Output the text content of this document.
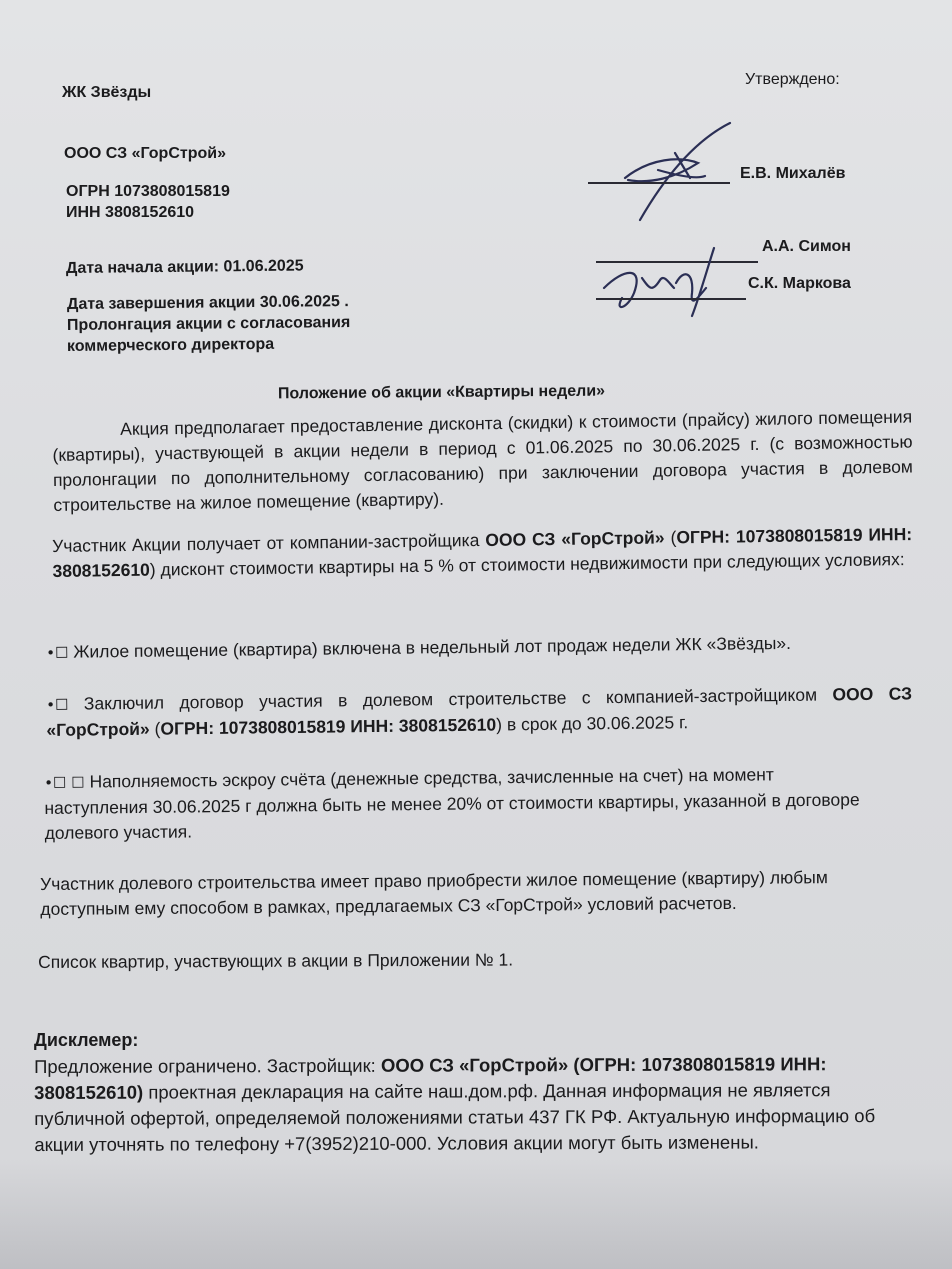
ЖК Звёзды

ООО СЗ «ГорСтрой»

ОГРН 1073808015819

ИНН 3808152610

Дата начала акции: 01.06.2025

Дата завершения акции 30.06.2025 .

Пролонгация акции с согласования

коммерческого директора

Утверждено:

Е.В. Михалёв

А.А. Симон

С.К. Маркова

Положение об акции «Квартиры недели»

Акция предполагает предоставление дисконта (скидки) к стоимости (прайсу) жилого помещения (квартиры), участвующей в акции недели в период с 01.06.2025 по 30.06.2025 г. (с возможностью пролонгации по дополнительному согласованию) при заключении договора участия в долевом строительстве на жилое помещение (квартиру).

Участник Акции получает от компании-застройщика ООО СЗ «ГорСтрой» (ОГРН: 1073808015819 ИНН: 3808152610) дисконт стоимости квартиры на 5 % от стоимости недвижимости при следующих условиях:

•☐ Жилое помещение (квартира) включена в недельный лот продаж недели ЖК «Звёзды».

•☐ Заключил договор участия в долевом строительстве с компанией-застройщиком ООО СЗ «ГорСтрой» (ОГРН: 1073808015819 ИНН: 3808152610) в срок до 30.06.2025 г.

•☐ ☐ Наполняемость эскроу счёта (денежные средства, зачисленные на счет) на момент наступления 30.06.2025 г должна быть не менее 20% от стоимости квартиры, указанной в договоре долевого участия.

Участник долевого строительства имеет право приобрести жилое помещение (квартиру) любым доступным ему способом в рамках, предлагаемых СЗ «ГорСтрой» условий расчетов.

Список квартир, участвующих в акции в Приложении № 1.

Дисклемер:

Предложение ограничено. Застройщик: ООО СЗ «ГорСтрой» (ОГРН: 1073808015819 ИНН: 3808152610) проектная декларация на сайте наш.дом.рф. Данная информация не является публичной офертой, определяемой положениями статьи 437 ГК РФ. Актуальную информацию об акции уточнять по телефону +7(3952)210-000. Условия акции могут быть изменены.
